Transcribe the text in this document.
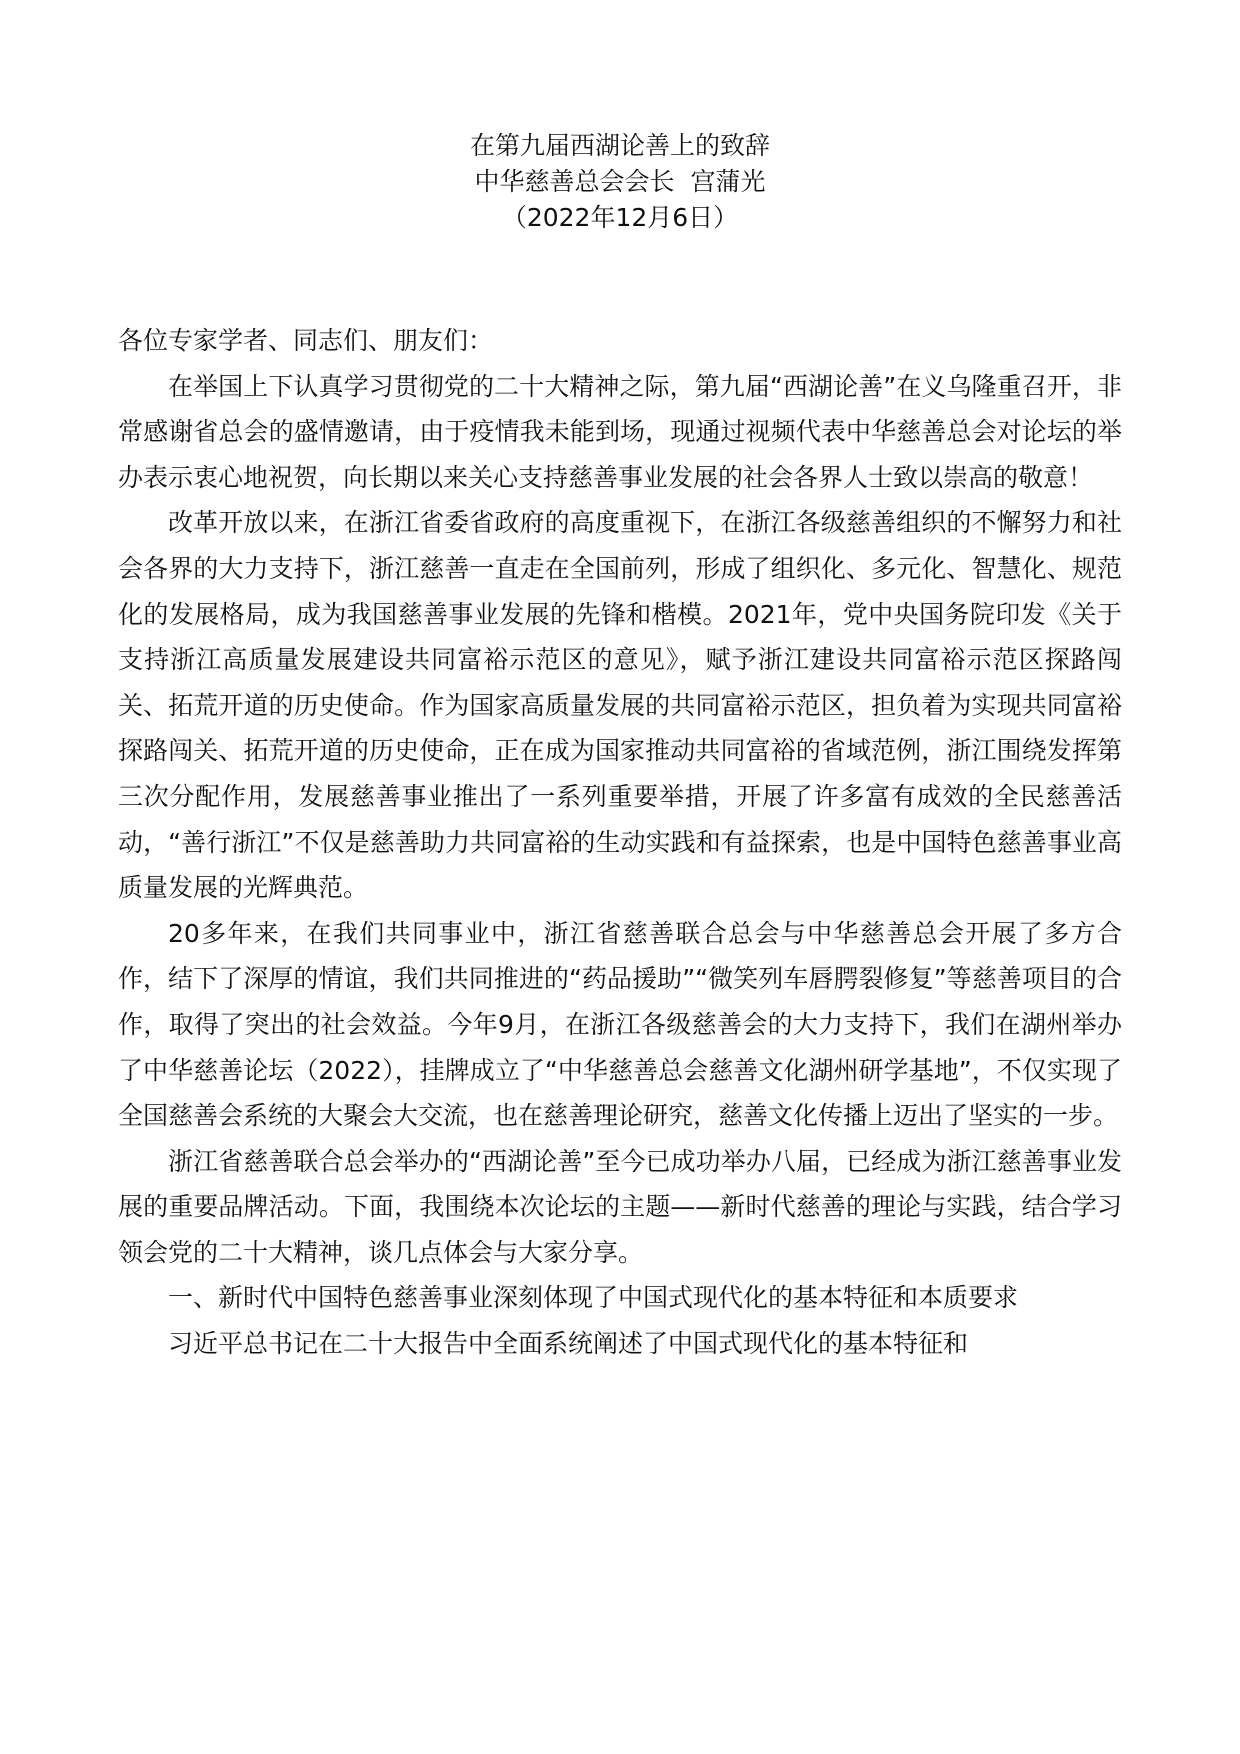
在第九届西湖论善上的致辞
中华慈善总会会长  宫蒲光
（2022年12月6日）

各位专家学者、同志们、朋友们：

在举国上下认真学习贯彻党的二十大精神之际，第九届“西湖论善”在义乌隆重召开，非常感谢省总会的盛情邀请，由于疫情我未能到场，现通过视频代表中华慈善总会对论坛的举办表示衷心地祝贺，向长期以来关心支持慈善事业发展的社会各界人士致以崇高的敬意！

改革开放以来，在浙江省委省政府的高度重视下，在浙江各级慈善组织的不懈努力和社会各界的大力支持下，浙江慈善一直走在全国前列，形成了组织化、多元化、智慧化、规范化的发展格局，成为我国慈善事业发展的先锋和楷模。2021年，党中央国务院印发《关于支持浙江高质量发展建设共同富裕示范区的意见》，赋予浙江建设共同富裕示范区探路闯关、拓荒开道的历史使命。作为国家高质量发展的共同富裕示范区，担负着为实现共同富裕探路闯关、拓荒开道的历史使命，正在成为国家推动共同富裕的省域范例，浙江围绕发挥第三次分配作用，发展慈善事业推出了一系列重要举措，开展了许多富有成效的全民慈善活动，“善行浙江”不仅是慈善助力共同富裕的生动实践和有益探索，也是中国特色慈善事业高质量发展的光辉典范。

20多年来，在我们共同事业中，浙江省慈善联合总会与中华慈善总会开展了多方合作，结下了深厚的情谊，我们共同推进的“药品援助”“微笑列车唇腭裂修复”等慈善项目的合作，取得了突出的社会效益。今年9月，在浙江各级慈善会的大力支持下，我们在湖州举办了中华慈善论坛（2022），挂牌成立了“中华慈善总会慈善文化湖州研学基地”，不仅实现了全国慈善会系统的大聚会大交流，也在慈善理论研究，慈善文化传播上迈出了坚实的一步。

浙江省慈善联合总会举办的“西湖论善”至今已成功举办八届，已经成为浙江慈善事业发展的重要品牌活动。下面，我围绕本次论坛的主题——新时代慈善的理论与实践，结合学习领会党的二十大精神，谈几点体会与大家分享。

一、新时代中国特色慈善事业深刻体现了中国式现代化的基本特征和本质要求

习近平总书记在二十大报告中全面系统阐述了中国式现代化的基本特征和
